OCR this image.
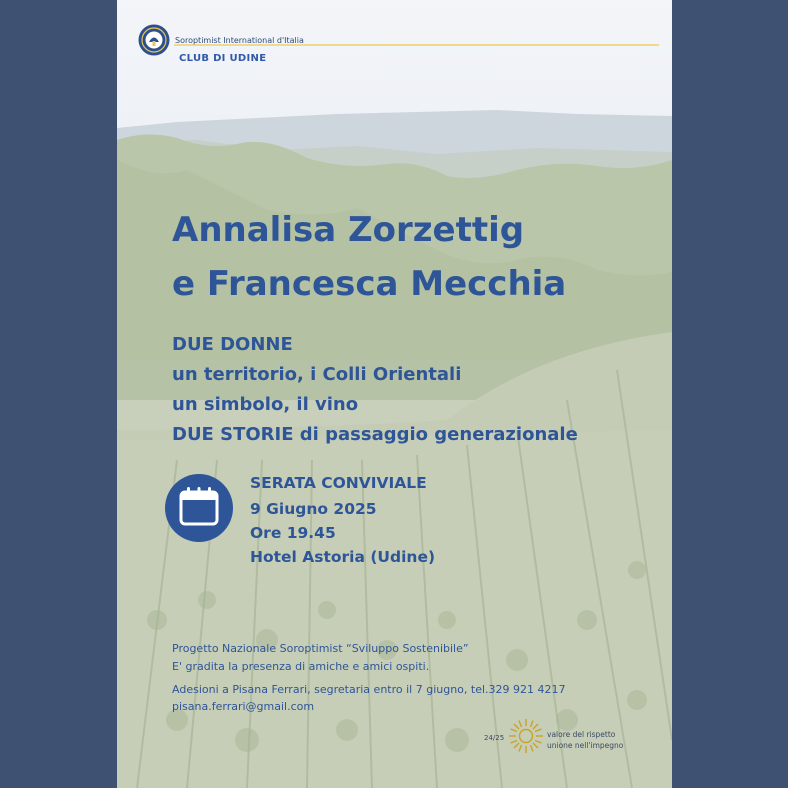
Soroptimist International d'Italia
CLUB DI UDINE
Annalisa Zorzettig
e Francesca Mecchia
DUE DONNE
un territorio, i Colli Orientali
un simbolo, il vino
DUE STORIE di passaggio generazionale
SERATA CONVIVIALE
9 Giugno 2025
Ore 19.45
Hotel Astoria (Udine)
Progetto Nazionale Soroptimist “Sviluppo Sostenibile”
E' gradita la presenza di amiche e amici ospiti.
Adesioni a Pisana Ferrari, segretaria entro il 7 giugno, tel.329 921 4217
pisana.ferrari@gmail.com
24/25	valore del rispetto
unione nell'impegno
